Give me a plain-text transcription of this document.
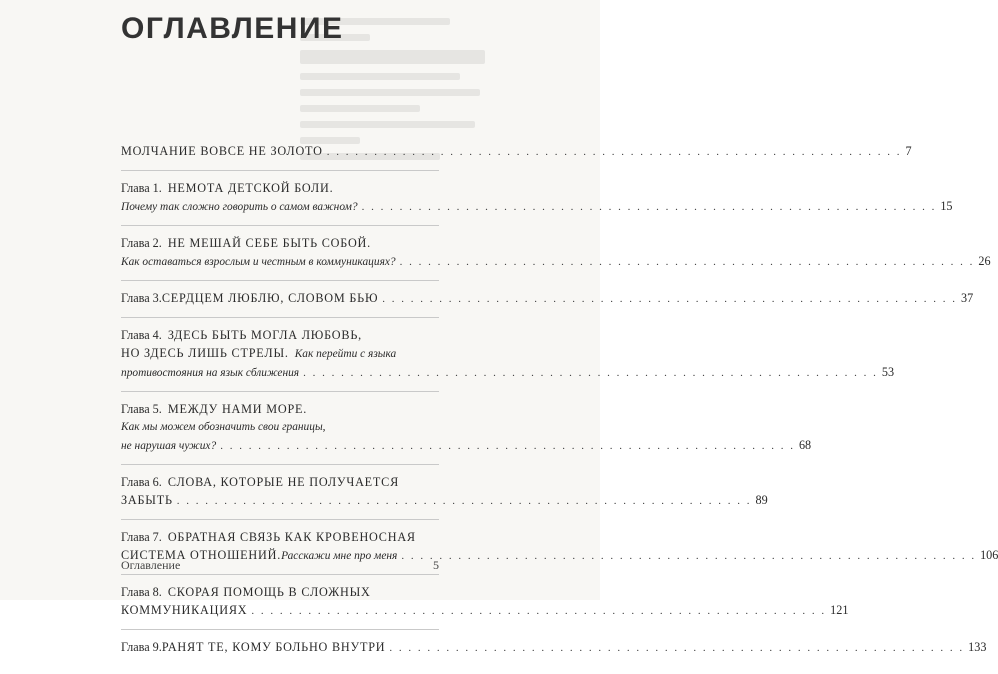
ОГЛАВЛЕНИЕ
МОЛЧАНИЕ ВОВСЕ НЕ ЗОЛОТО . . .	7
Глава 1. НЕМОТА ДЕТСКОЙ БОЛИ.
Почему так сложно говорить о самом важном? . . .	15
Глава 2. НЕ МЕШАЙ СЕБЕ БЫТЬ СОБОЙ.
Как оставаться взрослым и честным в коммуникациях? . . .	26
Глава 3. СЕРДЦЕМ ЛЮБЛЮ, СЛОВОМ БЬЮ . . .	37
Глава 4. ЗДЕСЬ БЫТЬ МОГЛА ЛЮБОВЬ,
НО ЗДЕСЬ ЛИШЬ СТРЕЛЫ. Как перейти с языка
противостояния на язык сближения . . .	53
Глава 5. МЕЖДУ НАМИ МОРЕ.
Как мы можем обозначить свои границы,
не нарушая чужих? . . .	68
Глава 6. СЛОВА, КОТОРЫЕ НЕ ПОЛУЧАЕТСЯ
ЗАБЫТЬ . . .	89
Глава 7. ОБРАТНАЯ СВЯЗЬ КАК КРОВЕНОСНАЯ
СИСТЕМА ОТНОШЕНИЙ. Расскажи мне про меня . . .	106
Глава 8. СКОРАЯ ПОМОЩЬ В СЛОЖНЫХ
КОММУНИКАЦИЯХ . . .	121
Глава 9. РАНЯТ ТЕ, КОМУ БОЛЬНО ВНУТРИ . . .	133
Оглавление	5
